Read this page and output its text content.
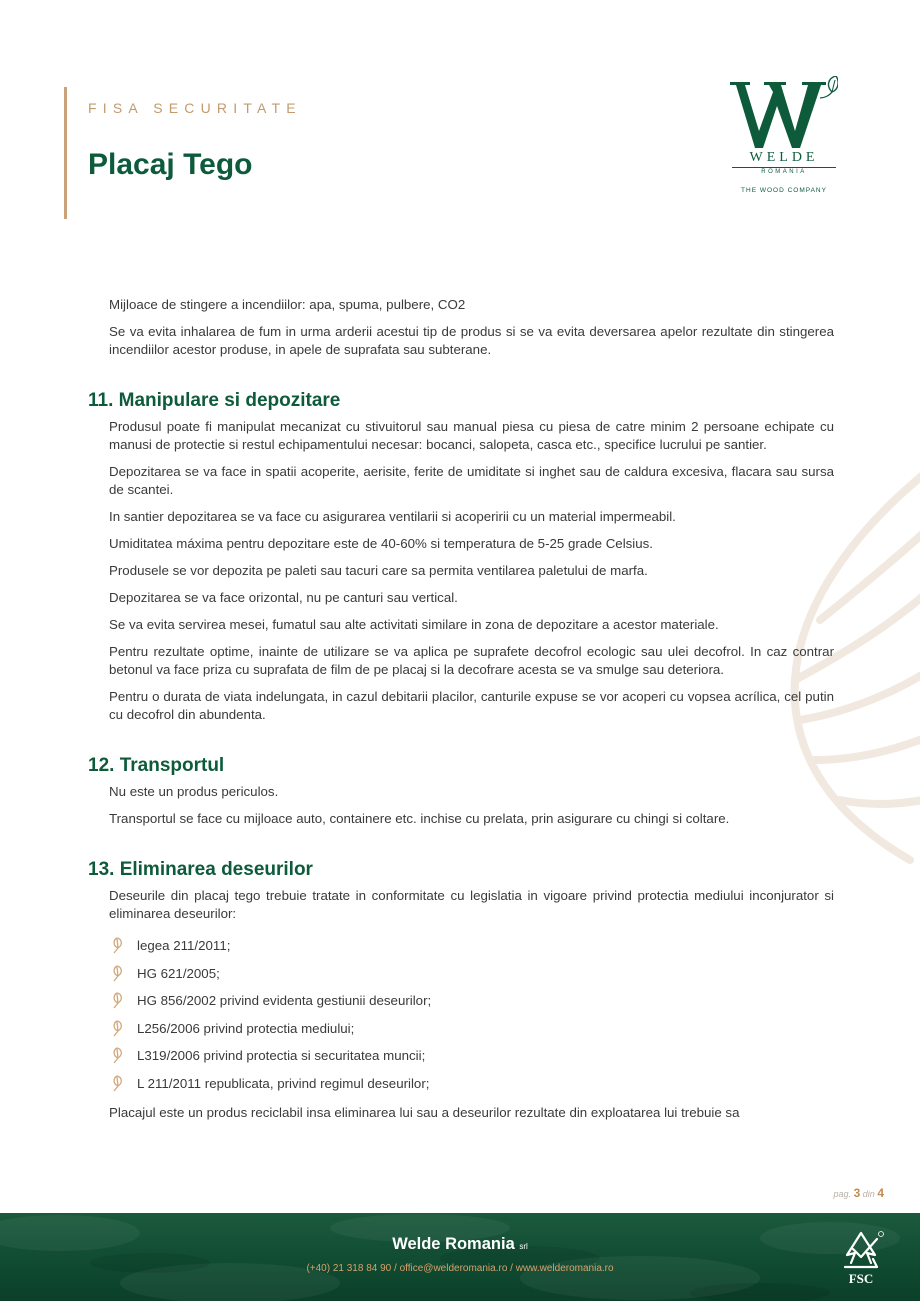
FISA SECURITATE
Placaj Tego	WELDE
ROMANIA
THE WOOD COMPANY

Mijloace de stingere a incendiilor: apa, spuma, pulbere, CO2

Se va evita inhalarea de fum in urma arderii acestui tip de produs si se va evita deversarea apelor rezultate din stingerea incendiilor acestor produse, in apele de suprafata sau subterane.

11. Manipulare si depozitare

Produsul poate fi manipulat mecanizat cu stivuitorul sau manual piesa cu piesa de catre minim 2 persoane echipate cu manusi de protectie si restul echipamentului necesar: bocanci, salopeta, casca etc., specifice lucrului pe santier.

Depozitarea se va face in spatii acoperite, aerisite, ferite de umiditate si inghet sau de caldura excesiva, flacara sau sursa de scantei.

In santier depozitarea se va face cu asigurarea ventilarii si acoperirii cu un material impermeabil.

Umiditatea máxima pentru depozitare este de 40-60% si temperatura de 5-25 grade Celsius.

Produsele se vor depozita pe paleti sau tacuri care sa permita ventilarea paletului de marfa.

Depozitarea se va face orizontal, nu pe canturi sau vertical.

Se va evita servirea mesei, fumatul sau alte activitati similare in zona de depozitare a acestor materiale.

Pentru rezultate optime, inainte de utilizare se va aplica pe suprafete decofrol ecologic sau ulei decofrol. In caz contrar betonul va face priza cu suprafata de film de pe placaj si la decofrare acesta se va smulge sau deteriora.

Pentru o durata de viata indelungata, in cazul debitarii placilor, canturile expuse se vor acoperi cu vopsea acrílica, cel putin cu decofrol din abundenta.

12. Transportul

Nu este un produs periculos.

Transportul se face cu mijloace auto, containere etc. inchise cu prelata, prin asigurare cu chingi si coltare.

13. Eliminarea deseurilor

Deseurile din placaj tego trebuie tratate in conformitate cu legislatia in vigoare privind protectia mediului inconjurator si eliminarea deseurilor:

legea 211/2011;
HG 621/2005;
HG 856/2002 privind evidenta gestiunii deseurilor;
L256/2006 privind protectia mediului;
L319/2006 privind protectia si securitatea muncii;
L 211/2011 republicata, privind regimul deseurilor;

Placajul este un produs reciclabil insa eliminarea lui sau a deseurilor rezultate din exploatarea lui trebuie sa

pag. 3 din 4
Welde Romania srl
(+40) 21 318 84 90 / office@welderomania.ro / www.welderomania.ro
FSC
